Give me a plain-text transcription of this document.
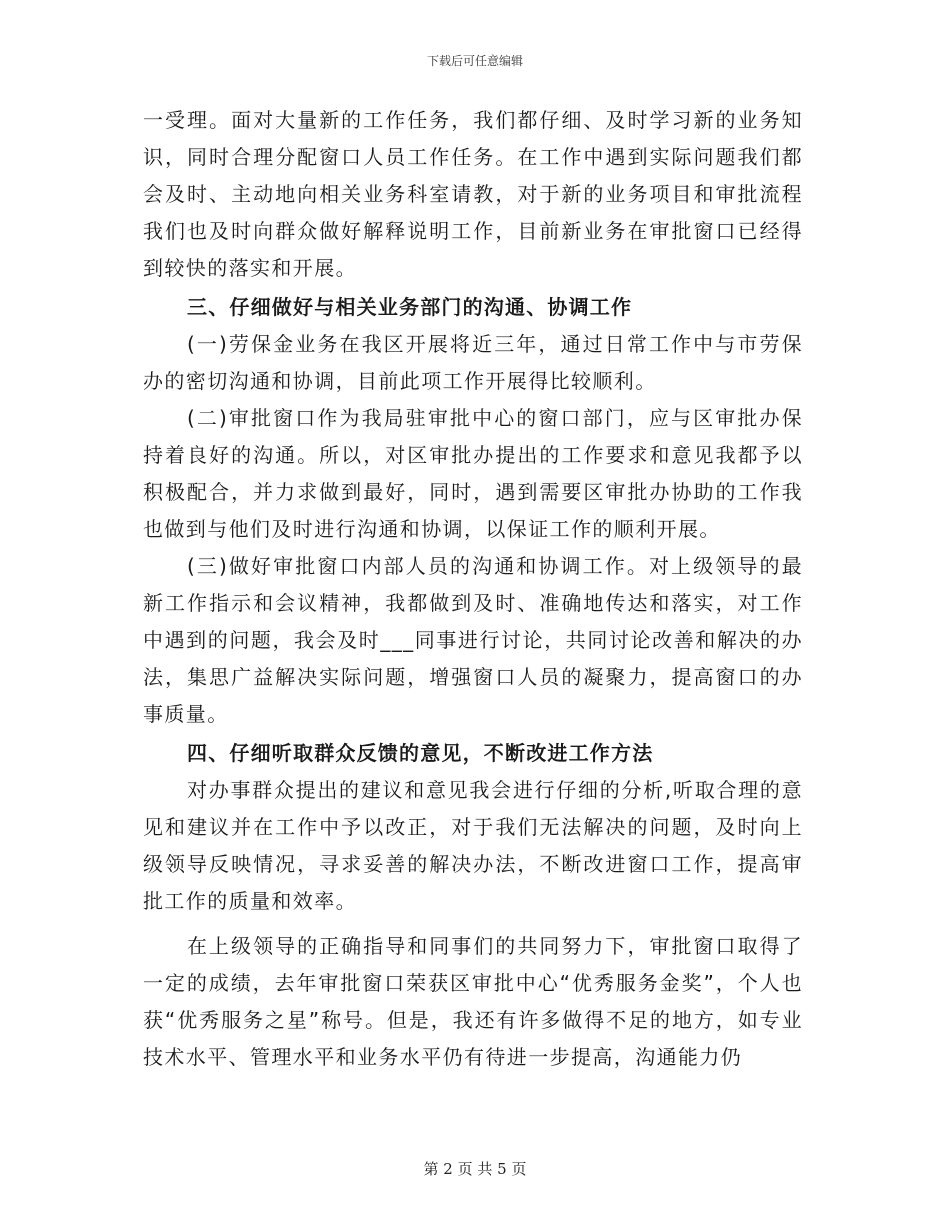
下载后可任意编辑

一受理。面对大量新的工作任务，我们都仔细、及时学习新的业务知识，同时合理分配窗口人员工作任务。在工作中遇到实际问题我们都会及时、主动地向相关业务科室请教，对于新的业务项目和审批流程我们也及时向群众做好解释说明工作，目前新业务在审批窗口已经得到较快的落实和开展。

三、仔细做好与相关业务部门的沟通、协调工作

(一)劳保金业务在我区开展将近三年，通过日常工作中与市劳保办的密切沟通和协调，目前此项工作开展得比较顺利。

(二)审批窗口作为我局驻审批中心的窗口部门，应与区审批办保持着良好的沟通。所以，对区审批办提出的工作要求和意见我都予以积极配合，并力求做到最好，同时，遇到需要区审批办协助的工作我也做到与他们及时进行沟通和协调，以保证工作的顺利开展。

(三)做好审批窗口内部人员的沟通和协调工作。对上级领导的最新工作指示和会议精神，我都做到及时、准确地传达和落实，对工作中遇到的问题，我会及时___同事进行讨论，共同讨论改善和解决的办法，集思广益解决实际问题，增强窗口人员的凝聚力，提高窗口的办事质量。

四、仔细听取群众反馈的意见，不断改进工作方法

对办事群众提出的建议和意见我会进行仔细的分析,听取合理的意见和建议并在工作中予以改正，对于我们无法解决的问题，及时向上级领导反映情况，寻求妥善的解决办法，不断改进窗口工作，提高审批工作的质量和效率。

在上级领导的正确指导和同事们的共同努力下，审批窗口取得了一定的成绩，去年审批窗口荣获区审批中心“优秀服务金奖”，个人也获“优秀服务之星”称号。但是，我还有许多做得不足的地方，如专业技术水平、管理水平和业务水平仍有待进一步提高，沟通能力仍

第 2 页 共 5 页
